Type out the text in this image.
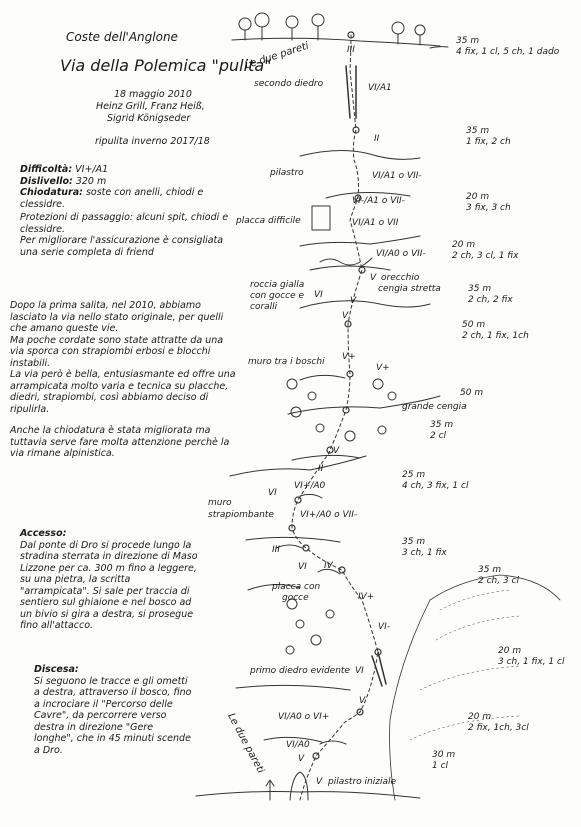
Coste dell'Anglone
Via della Polemica "pulita"
18 maggio 2010
Heinz Grill, Franz Heiß,
Sigrid Königseder
ripulita inverno 2017/18
Difficoltà: VI+/A1
Dislivello: 320 m
Chiodatura: soste con anelli, chiodi e clessidre.
Protezioni di passaggio: alcuni spit, chiodi e clessidre.
Per migliorare l'assicurazione è consigliata una serie completa di friend
Dopo la prima salita, nel 2010, abbiamo lasciato la via nello stato originale, per quelli che amano queste vie.
Ma poche cordate sono state attratte da una via sporca con strapiombi erbosi e blocchi instabili.
La via però è bella, entusiasmante ed offre una arrampicata molto varia e tecnica su placche, diedri, strapiombi, così abbiamo deciso di ripulirla.
Anche la chiodatura è stata migliorata ma tuttavia serve fare molta attenzione perchè la via rimane alpinistica.
Accesso:
Dal ponte di Dro si procede lungo la stradina sterrata in direzione di Maso Lizzone per ca. 300 m fino a leggere, su una pietra, la scritta "arrampicata". Si sale per traccia di sentiero sul ghiaione e nel bosco ad un bivio si gira a destra, si prosegue fino all'attacco.
Discesa:
Si seguono le tracce e gli ometti a destra, attraverso il bosco, fino a incrociare il "Percorso delle Cavre", da percorrere verso destra in direzione "Gere longhe", che in 45 minuti scende a Dro.
Le due pareti
secondo diedro
pilastro
placca difficile
roccia gialla
con gocce e
coralli
orecchio
cengia stretta
muro tra i boschi
grande cengia
muro
strapiombante
placca con
gocce
primo diedro evidente
Le due pareti
pilastro iniziale
III
VI/A1
II
VI/A1 o VII-
VI-/A1 o VII-
VI/A1 o VII
VI/A0 o VII-
V
VI
V-
V
V+
V+
II
V
VI+/A0
VI
VI+/A0 o VII-
III
VI IV
IV+
VI-
VI
V
VI/A0 o VI+
VI/A0
V
V
35 m
4 fix, 1 cl, 5 ch, 1 dado
35 m
1 fix, 2 ch
20 m
3 fix, 3 ch
20 m
2 ch, 3 cl, 1 fix
35 m
2 ch, 2 fix
50 m
2 ch, 1 fix, 1ch
50 m
35 m
2 cl
25 m
4 ch, 3 fix, 1 cl
35 m
3 ch, 1 fix
35 m
2 ch, 3 cl
20 m
3 ch, 1 fix, 1 cl
20 m
2 fix, 1ch, 3cl
30 m
1 cl
